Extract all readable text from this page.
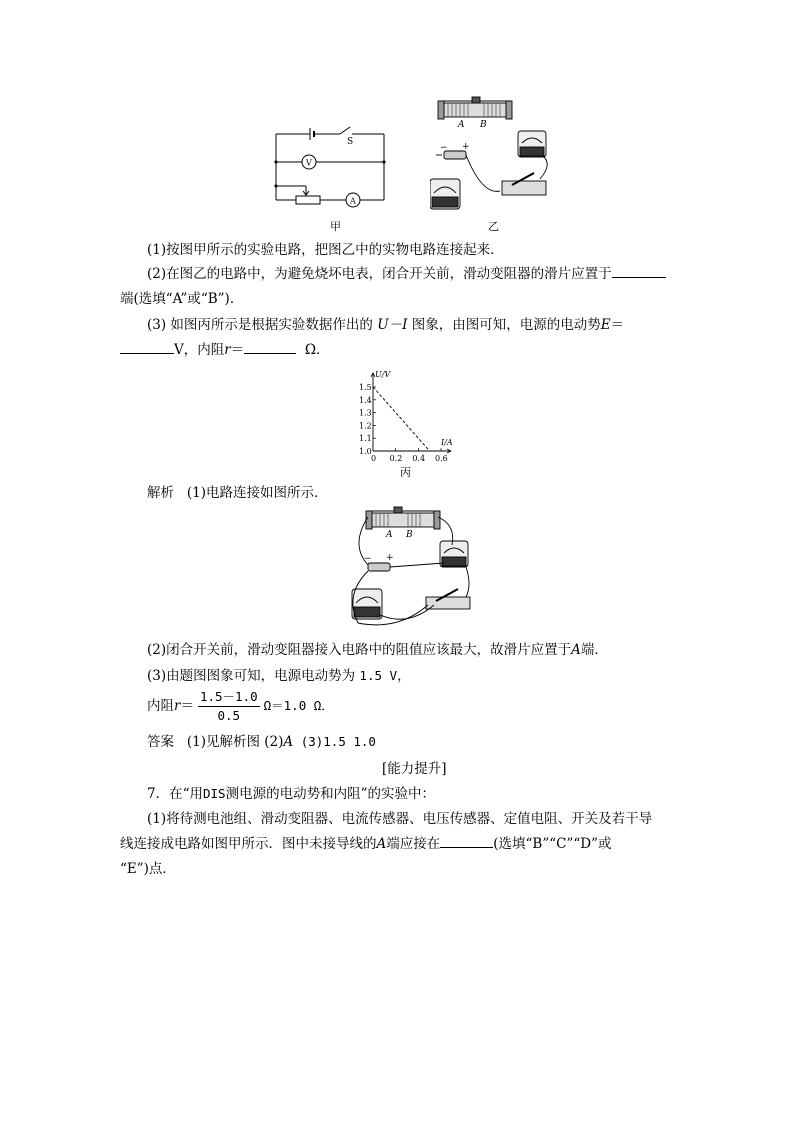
S
V
A
甲
A B
− +
乙
(1)按图甲所示的实验电路，把图乙中的实物电路连接起来．
(2)在图乙的电路中，为避免烧坏电表，闭合开关前，滑动变阻器的滑片应置于
端(选填“A”或“B”)．
(3) 如图丙所示是根据实验数据作出的 U－I 图象，由图可知，电源的电动势E＝
V，内阻r＝	Ω．
1.0
1.1
1.2
1.3
1.4
1.5
0 0.2 0.4 0.6
U/V
I/A
丙
解析 (1)电路连接如图所示．
A B
− +
(2)闭合开关前，滑动变阻器接入电路中的阻值应该最大，故滑片应置于A端．
(3)由题图图象可知，电源电动势为 1.5 V，
内阻$r= \frac{1.5-1.0}{0.5} \Omega=1.0$ Ω．
答案 (1)见解析图 (2)A (3)1.5 1.0
[能力提升]
7．在“用DIS测电源的电动势和内阻”的实验中：
(1)将待测电池组、滑动变阻器、电流传感器、电压传感器、定值电阻、开关及若干导
线连接成电路如图甲所示．图中未接导线的A端应接在	(选填“B”“C”“D”或
“E”)点．
